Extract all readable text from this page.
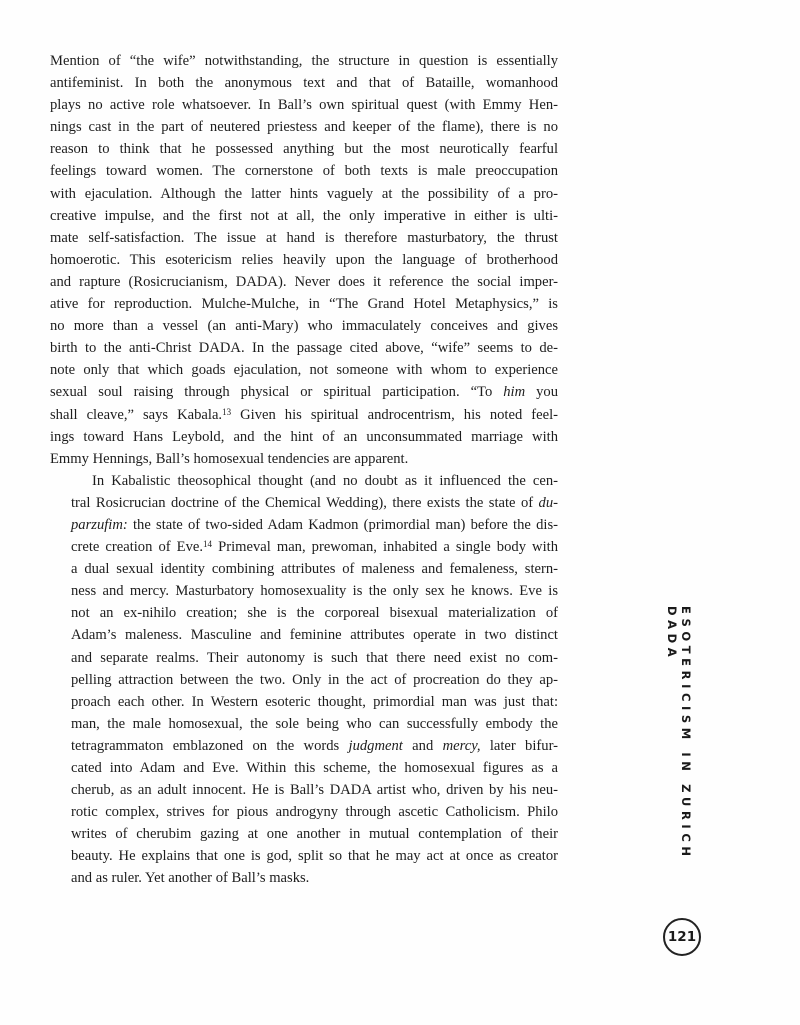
Mention of “the wife” notwithstanding, the structure in question is essentially
antifeminist. In both the anonymous text and that of Bataille, womanhood
plays no active role whatsoever. In Ball’s own spiritual quest (with Emmy Hen-
nings cast in the part of neutered priestess and keeper of the flame), there is no
reason to think that he possessed anything but the most neurotically fearful
feelings toward women. The cornerstone of both texts is male preoccupation
with ejaculation. Although the latter hints vaguely at the possibility of a pro-
creative impulse, and the first not at all, the only imperative in either is ulti-
mate self-satisfaction. The issue at hand is therefore masturbatory, the thrust
homoerotic. This esotericism relies heavily upon the language of brotherhood
and rapture (Rosicrucianism, DADA). Never does it reference the social imper-
ative for reproduction. Mulche-Mulche, in “The Grand Hotel Metaphysics,” is
no more than a vessel (an anti-Mary) who immaculately conceives and gives
birth to the anti-Christ DADA. In the passage cited above, “wife” seems to de-
note only that which goads ejaculation, not someone with whom to experience
sexual soul raising through physical or spiritual participation. “To him you
shall cleave,” says Kabala.$^{13}$ Given his spiritual androcentrism, his noted feel-
ings toward Hans Leybold, and the hint of an unconsummated marriage with
Emmy Hennings, Ball’s homosexual tendencies are apparent.

In Kabalistic theosophical thought (and no doubt as it influenced the cen-
tral Rosicrucian doctrine of the Chemical Wedding), there exists the state of du-
parzufim: the state of two-sided Adam Kadmon (primordial man) before the dis-
crete creation of Eve.$^{14}$ Primeval man, prewoman, inhabited a single body with
a dual sexual identity combining attributes of maleness and femaleness, stern-
ness and mercy. Masturbatory homosexuality is the only sex he knows. Eve is
not an ex-nihilo creation; she is the corporeal bisexual materialization of
Adam’s maleness. Masculine and feminine attributes operate in two distinct
and separate realms. Their autonomy is such that there need exist no com-
pelling attraction between the two. Only in the act of procreation do they ap-
proach each other. In Western esoteric thought, primordial man was just that:
man, the male homosexual, the sole being who can successfully embody the
tetragrammaton emblazoned on the words judgment and mercy, later bifur-
cated into Adam and Eve. Within this scheme, the homosexual figures as a
cherub, as an adult innocent. He is Ball’s DADA artist who, driven by his neu-
rotic complex, strives for pious androgyny through ascetic Catholicism. Philo
writes of cherubim gazing at one another in mutual contemplation of their
beauty. He explains that one is god, split so that he may act at once as creator
and as ruler. Yet another of Ball’s masks.

ESOTERICISM IN ZURICH DADA
121
